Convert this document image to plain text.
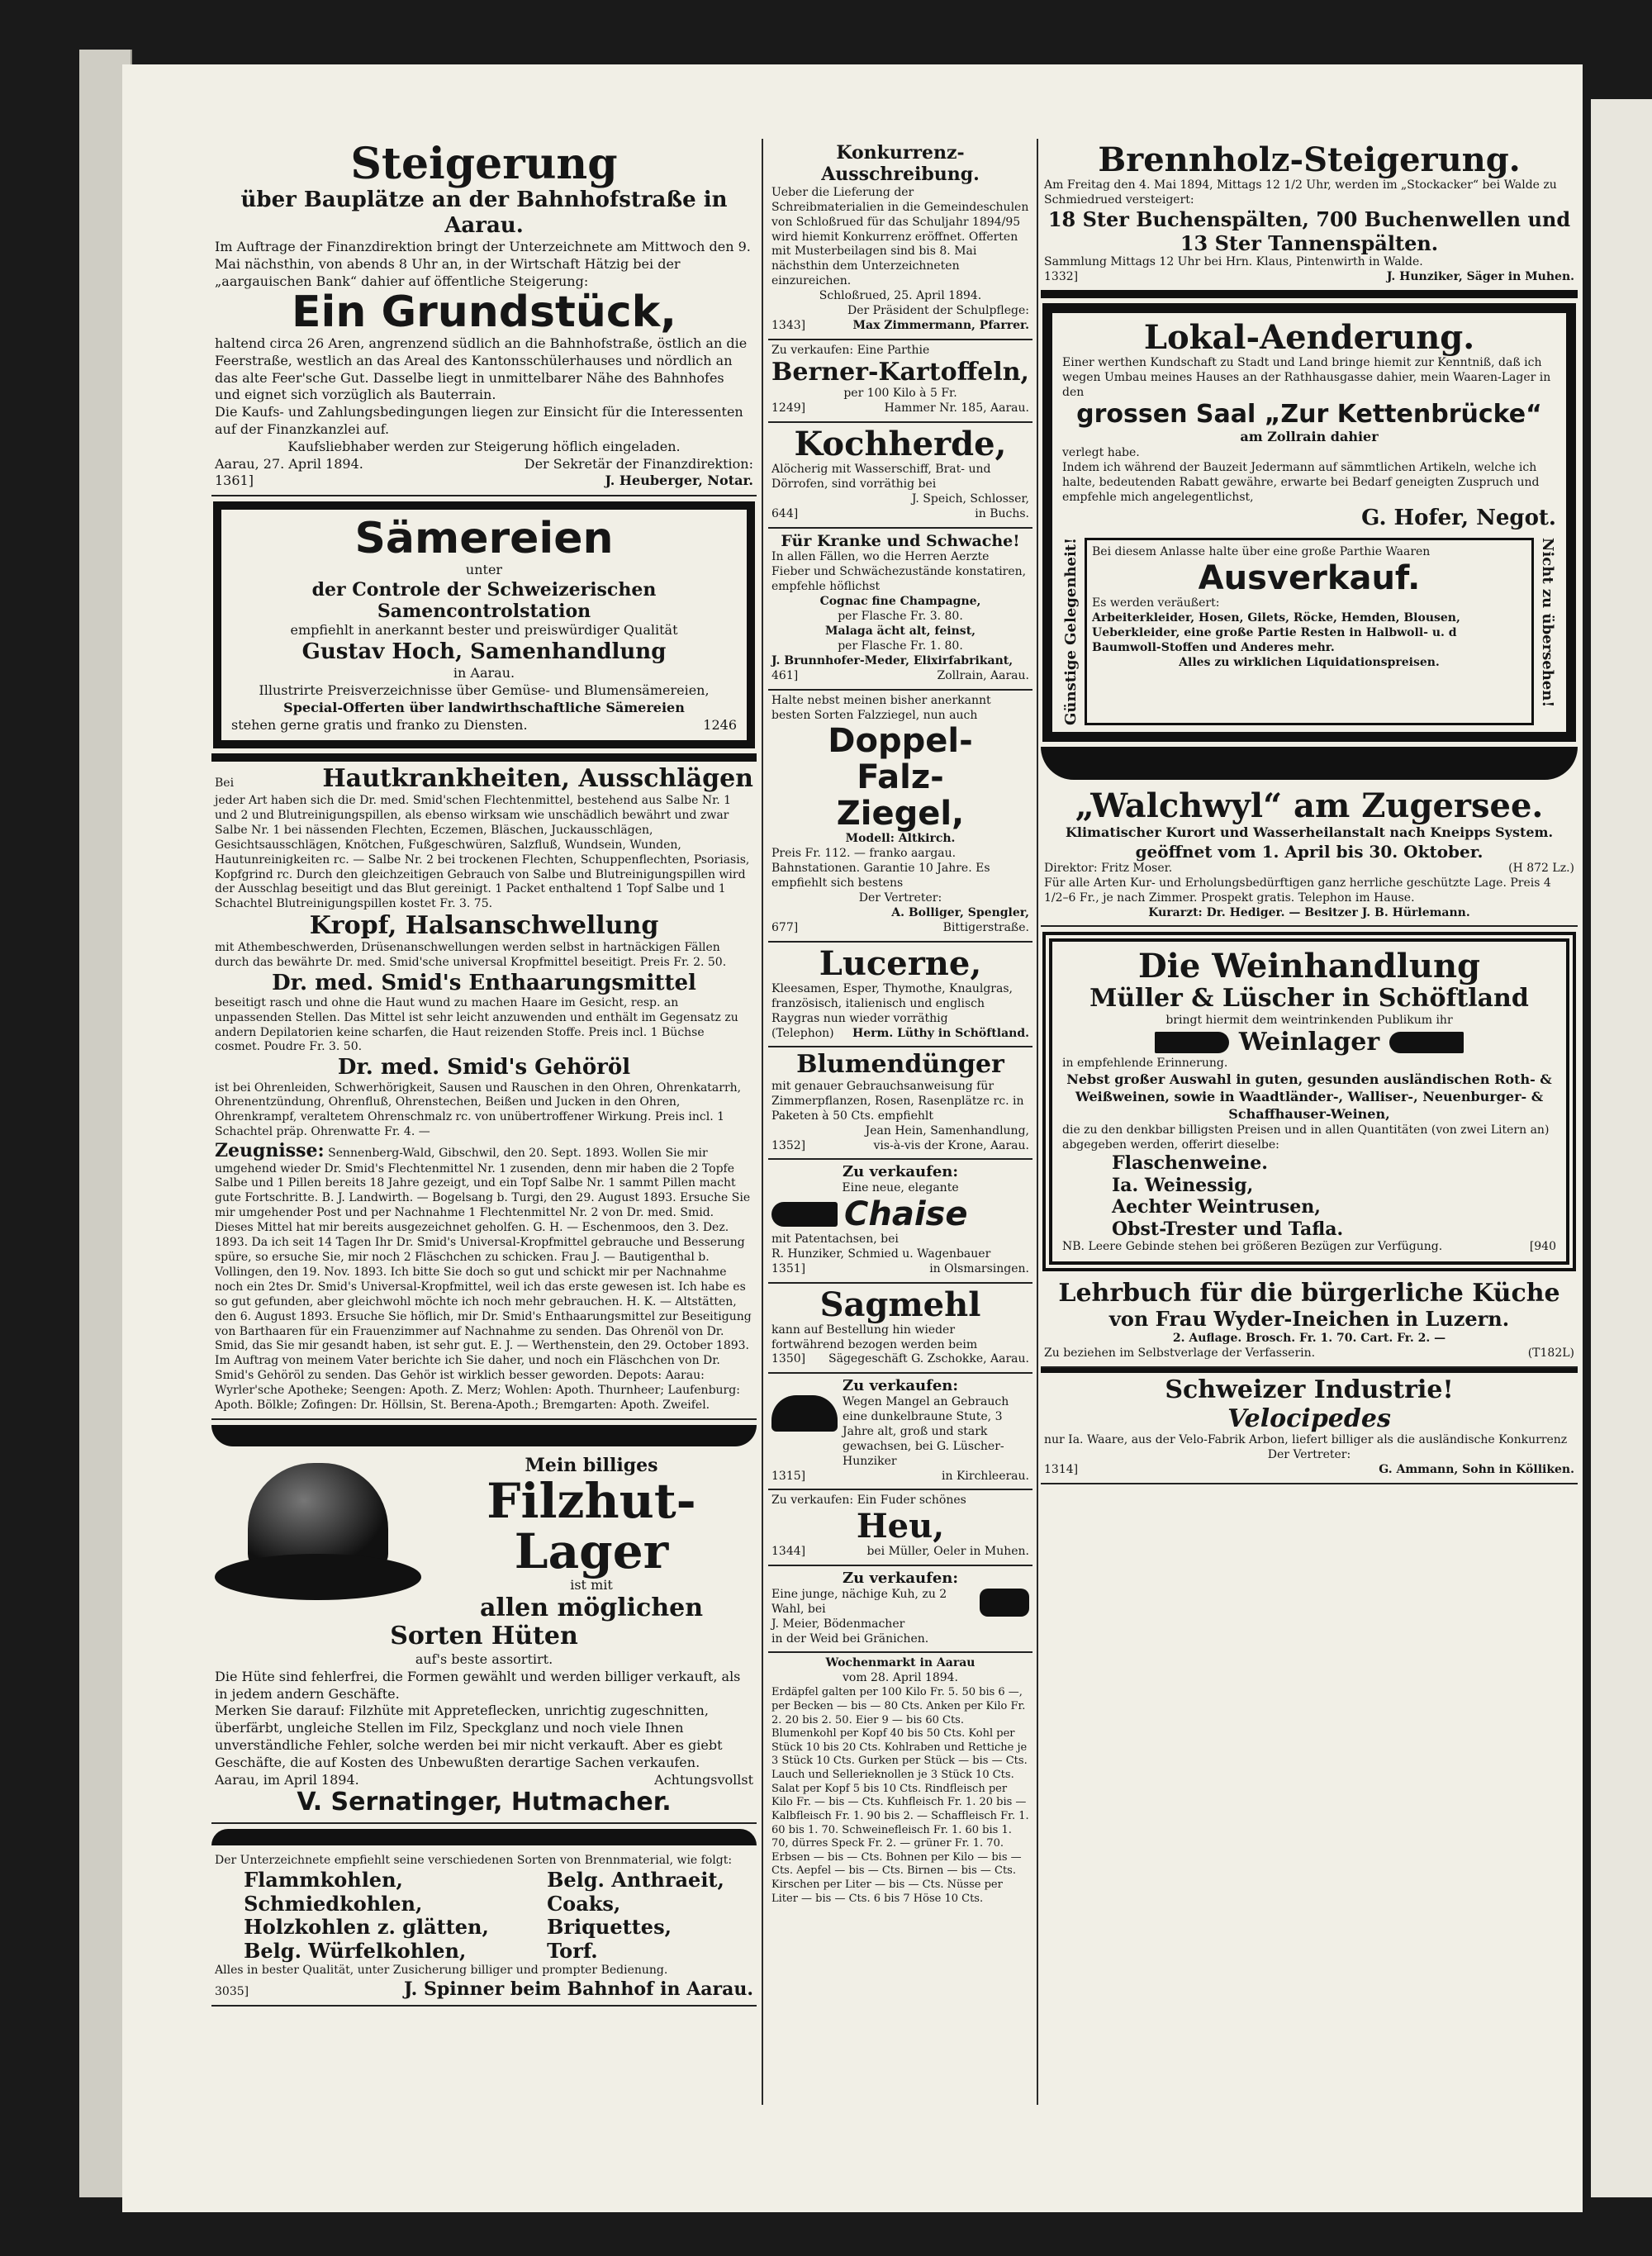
Steigerung
über Bauplätze an der Bahnhofstraße in Aarau.
Im Auftrage der Finanzdirektion bringt der Unterzeichnete am Mittwoch den 9. Mai nächsthin, von abends 8 Uhr an, in der Wirtschaft Hätzig bei der „aargauischen Bank“ dahier auf öffentliche Steigerung:
Ein Grundstück,
haltend circa 26 Aren, angrenzend südlich an die Bahnhofstraße, östlich an die Feerstraße, westlich an das Areal des Kantonsschülerhauses und nördlich an das alte Feer'sche Gut. Dasselbe liegt in unmittelbarer Nähe des Bahnhofes und eignet sich vorzüglich als Bauterrain.
Die Kaufs- und Zahlungsbedingungen liegen zur Einsicht für die Interessenten auf der Finanzkanzlei auf.
Kaufsliebhaber werden zur Steigerung höflich eingeladen.
Aarau, 27. April 1894.	Der Sekretär der Finanzdirektion:
1361]	J. Heuberger, Notar.
Sämereien
unter
der Controle der Schweizerischen Samencontrolstation
empfiehlt in anerkannt bester und preiswürdiger Qualität
Gustav Hoch, Samenhandlung
in Aarau.
Illustrirte Preisverzeichnisse über Gemüse- und Blumensämereien,
Special-Offerten über landwirthschaftliche Sämereien
stehen gerne gratis und franko zu Diensten.	1246
Bei	Hautkrankheiten, Ausschlägen
jeder Art haben sich die Dr. med. Smid'schen Flechtenmittel, bestehend aus Salbe Nr. 1 und 2 und Blutreinigungspillen, als ebenso wirksam wie unschädlich bewährt und zwar Salbe Nr. 1 bei nässenden Flechten, Eczemen, Bläschen, Juckausschlägen, Gesichtsausschlägen, Knötchen, Fußgeschwüren, Salzfluß, Wundsein, Wunden, Hautunreinigkeiten rc. — Salbe Nr. 2 bei trockenen Flechten, Schuppenflechten, Psoriasis, Kopfgrind rc. Durch den gleichzeitigen Gebrauch von Salbe und Blutreinigungspillen wird der Ausschlag beseitigt und das Blut gereinigt. 1 Packet enthaltend 1 Topf Salbe und 1 Schachtel Blutreinigungspillen kostet Fr. 3. 75.
Kropf, Halsanschwellung
mit Athembeschwerden, Drüsenanschwellungen werden selbst in hartnäckigen Fällen durch das bewährte Dr. med. Smid'sche universal Kropfmittel beseitigt. Preis Fr. 2. 50.
Dr. med. Smid's Enthaarungsmittel
beseitigt rasch und ohne die Haut wund zu machen Haare im Gesicht, resp. an unpassenden Stellen. Das Mittel ist sehr leicht anzuwenden und enthält im Gegensatz zu andern Depilatorien keine scharfen, die Haut reizenden Stoffe. Preis incl. 1 Büchse cosmet. Poudre Fr. 3. 50.
Dr. med. Smid's Gehöröl
ist bei Ohrenleiden, Schwerhörigkeit, Sausen und Rauschen in den Ohren, Ohrenkatarrh, Ohrenentzündung, Ohrenfluß, Ohrenstechen, Beißen und Jucken in den Ohren, Ohrenkrampf, veraltetem Ohrenschmalz rc. von unübertroffener Wirkung. Preis incl. 1 Schachtel präp. Ohrenwatte Fr. 4. —
Zeugnisse: Sennenberg-Wald, Gibschwil, den 20. Sept. 1893. Wollen Sie mir umgehend wieder Dr. Smid's Flechtenmittel Nr. 1 zusenden, denn mir haben die 2 Topfe Salbe und 1 Pillen bereits 18 Jahre gezeigt, und ein Topf Salbe Nr. 1 sammt Pillen macht gute Fortschritte. B. J. Landwirth. — Bogelsang b. Turgi, den 29. August 1893. Ersuche Sie mir umgehender Post und per Nachnahme 1 Flechtenmittel Nr. 2 von Dr. med. Smid. Dieses Mittel hat mir bereits ausgezeichnet geholfen. G. H. — Eschenmoos, den 3. Dez. 1893. Da ich seit 14 Tagen Ihr Dr. Smid's Universal-Kropfmittel gebrauche und Besserung spüre, so ersuche Sie, mir noch 2 Fläschchen zu schicken. Frau J. — Bautigenthal b. Vollingen, den 19. Nov. 1893. Ich bitte Sie doch so gut und schickt mir per Nachnahme noch ein 2tes Dr. Smid's Universal-Kropfmittel, weil ich das erste gewesen ist. Ich habe es so gut gefunden, aber gleichwohl möchte ich noch mehr gebrauchen. H. K. — Altstätten, den 6. August 1893. Ersuche Sie höflich, mir Dr. Smid's Enthaarungsmittel zur Beseitigung von Barthaaren für ein Frauenzimmer auf Nachnahme zu senden. Das Ohrenöl von Dr. Smid, das Sie mir gesandt haben, ist sehr gut. E. J. — Werthenstein, den 29. October 1893. Im Auftrag von meinem Vater berichte ich Sie daher, und noch ein Fläschchen von Dr. Smid's Gehöröl zu senden. Das Gehör ist wirklich besser geworden. Depots: Aarau: Wyrler'sche Apotheke; Seengen: Apoth. Z. Merz; Wohlen: Apoth. Thurnheer; Laufenburg: Apoth. Bölkle; Zofingen: Dr. Höllsin, St. Berena-Apoth.; Bremgarten: Apoth. Zweifel.
Mein billiges
Filzhut-Lager
ist mit
allen möglichen Sorten Hüten
auf's beste assortirt.
Die Hüte sind fehlerfrei, die Formen gewählt und werden billiger verkauft, als in jedem andern Geschäfte.
Merken Sie darauf: Filzhüte mit Appreteflecken, unrichtig zugeschnitten, überfärbt, ungleiche Stellen im Filz, Speckglanz und noch viele Ihnen unverständliche Fehler, solche werden bei mir nicht verkauft. Aber es giebt Geschäfte, die auf Kosten des Unbewußten derartige Sachen verkaufen.
Aarau, im April 1894.	Achtungsvollst
V. Sernatinger, Hutmacher.
Der Unterzeichnete empfiehlt seine verschiedenen Sorten von Brennmaterial, wie folgt:
Flammkohlen,
Schmiedkohlen,
Holzkohlen z. glätten,
Belg. Würfelkohlen,
Belg. Anthraeit,
Coaks,
Briquettes,
Torf.
Alles in bester Qualität, unter Zusicherung billiger und prompter Bedienung.
3035]	J. Spinner beim Bahnhof in Aarau.
Konkurrenz-Ausschreibung.
Ueber die Lieferung der Schreibmaterialien in die Gemeindeschulen von Schloßrued für das Schuljahr 1894/95 wird hiemit Konkurrenz eröffnet. Offerten mit Musterbeilagen sind bis 8. Mai nächsthin dem Unterzeichneten einzureichen.
Schloßrued, 25. April 1894.
Der Präsident der Schulpflege:
1343]	Max Zimmermann, Pfarrer.
Zu verkaufen: Eine Parthie
Berner-Kartoffeln,
per 100 Kilo à 5 Fr.
1249]	Hammer Nr. 185, Aarau.
Kochherde,
Alöcherig mit Wasserschiff, Brat- und Dörrofen, sind vorräthig bei
J. Speich, Schlosser,
644]	in Buchs.
Für Kranke und Schwache!
In allen Fällen, wo die Herren Aerzte Fieber und Schwächezustände konstatiren, empfehle höflichst
Cognac fine Champagne,
per Flasche Fr. 3. 80.
Malaga ächt alt, feinst,
per Flasche Fr. 1. 80.
J. Brunnhofer-Meder, Elixirfabrikant,
461]	Zollrain, Aarau.
Halte nebst meinen bisher anerkannt besten Sorten Falzziegel, nun auch
Doppel-
Falz-
Ziegel,
Modell: Altkirch.
Preis Fr. 112. — franko aargau. Bahnstationen. Garantie 10 Jahre. Es empfiehlt sich bestens
Der Vertreter:
A. Bolliger, Spengler,
677]	Bittigerstraße.
Lucerne,
Kleesamen, Esper, Thymothe, Knaulgras, französisch, italienisch und englisch Raygras nun wieder vorräthig
(Telephon) Herm. Lüthy in Schöftland.
Blumendünger
mit genauer Gebrauchsanweisung für Zimmerpflanzen, Rosen, Rasenplätze rc. in Paketen à 50 Cts. empfiehlt
Jean Hein, Samenhandlung,
1352]	vis-à-vis der Krone, Aarau.
Zu verkaufen:
Eine neue, elegante
Chaise
mit Patentachsen, bei
R. Hunziker, Schmied u. Wagenbauer
1351]	in Olsmarsingen.
Sagmehl
kann auf Bestellung hin wieder fortwährend bezogen werden beim
1350] Sägegeschäft G. Zschokke, Aarau.
Zu verkaufen:
Wegen Mangel an Gebrauch eine dunkelbraune Stute, 3 Jahre alt, groß und stark gewachsen, bei G. Lüscher-Hunziker
1315]	in Kirchleerau.
Zu verkaufen: Ein Fuder schönes
Heu,
1344]	bei Müller, Oeler in Muhen.
Zu verkaufen:
Eine junge, nächige Kuh, zu 2 Wahl, bei
J. Meier, Bödenmacher
in der Weid bei Gränichen.
Wochenmarkt in Aarau
vom 28. April 1894.
Erdäpfel galten per 100 Kilo Fr. 5. 50 bis 6 —, per Becken — bis — 80 Cts. Anken per Kilo Fr. 2. 20 bis 2. 50. Eier 9 — bis 60 Cts. Blumenkohl per Kopf 40 bis 50 Cts. Kohl per Stück 10 bis 20 Cts. Kohlraben und Rettiche je 3 Stück 10 Cts. Gurken per Stück — bis — Cts. Lauch und Sellerieknollen je 3 Stück 10 Cts. Salat per Kopf 5 bis 10 Cts. Rindfleisch per Kilo Fr. — bis — Cts. Kuhfleisch Fr. 1. 20 bis — Kalbfleisch Fr. 1. 90 bis 2. — Schaffleisch Fr. 1. 60 bis 1. 70. Schweinefleisch Fr. 1. 60 bis 1. 70, dürres Speck Fr. 2. — grüner Fr. 1. 70. Erbsen — bis — Cts. Bohnen per Kilo — bis — Cts. Aepfel — bis — Cts. Birnen — bis — Cts. Kirschen per Liter — bis — Cts. Nüsse per Liter — bis — Cts. 6 bis 7 Höse 10 Cts.
Brennholz-Steigerung.
Am Freitag den 4. Mai 1894, Mittags 12 1/2 Uhr, werden im „Stockacker“ bei Walde zu Schmiedrued versteigert:
18 Ster Buchenspälten, 700 Buchenwellen und 13 Ster Tannenspälten.
Sammlung Mittags 12 Uhr bei Hrn. Klaus, Pintenwirth in Walde.
1332]	J. Hunziker, Säger in Muhen.
Lokal-Aenderung.
Einer werthen Kundschaft zu Stadt und Land bringe hiemit zur Kenntniß, daß ich wegen Umbau meines Hauses an der Rathhausgasse dahier, mein Waaren-Lager in den
grossen Saal „Zur Kettenbrücke“
am Zollrain dahier
verlegt habe.
Indem ich während der Bauzeit Jedermann auf sämmtlichen Artikeln, welche ich halte, bedeutenden Rabatt gewähre, erwarte bei Bedarf geneigten Zuspruch und empfehle mich angelegentlichst,
G. Hofer, Negot.
Günstige Gelegenheit! Bei diesem Anlasse halte über eine große Parthie Waaren
Ausverkauf.
Es werden veräußert:
Arbeiterkleider, Hosen, Gilets, Röcke, Hemden, Blousen, Ueberkleider, eine große Partie Resten in Halbwoll- u. d Baumwoll-Stoffen und Anderes mehr.
Alles zu wirklichen Liquidationspreisen.	Nicht zu übersehen!
„Walchwyl“ am Zugersee.
Klimatischer Kurort und Wasserheilanstalt nach Kneipps System.
geöffnet vom 1. April bis 30. Oktober.
Direktor: Fritz Moser.	(H 872 Lz.)
Für alle Arten Kur- und Erholungsbedürftigen ganz herrliche geschützte Lage. Preis 4 1/2–6 Fr., je nach Zimmer. Prospekt gratis. Telephon im Hause.
Kurarzt: Dr. Hediger. — Besitzer J. B. Hürlemann.
Die Weinhandlung
Müller & Lüscher in Schöftland
bringt hiermit dem weintrinkenden Publikum ihr
Weinlager
in empfehlende Erinnerung.
Nebst großer Auswahl in guten, gesunden ausländischen Roth- & Weißweinen, sowie in Waadtländer-, Walliser-, Neuenburger- & Schaffhauser-Weinen,
die zu den denkbar billigsten Preisen und in allen Quantitäten (von zwei Litern an) abgegeben werden, offerirt dieselbe:
Flaschenweine.
Ia. Weinessig,
Aechter Weintrusen,
Obst-Trester und Tafla.
NB. Leere Gebinde stehen bei größeren Bezügen zur Verfügung.	[940
Lehrbuch für die bürgerliche Küche
von Frau Wyder-Ineichen in Luzern.
2. Auflage. Brosch. Fr. 1. 70. Cart. Fr. 2. —
Zu beziehen im Selbstverlage der Verfasserin.	(T182L)
Schweizer Industrie!
Velocipedes
nur Ia. Waare, aus der Velo-Fabrik Arbon, liefert billiger als die ausländische Konkurrenz
Der Vertreter:
1314]	G. Ammann, Sohn in Kölliken.
